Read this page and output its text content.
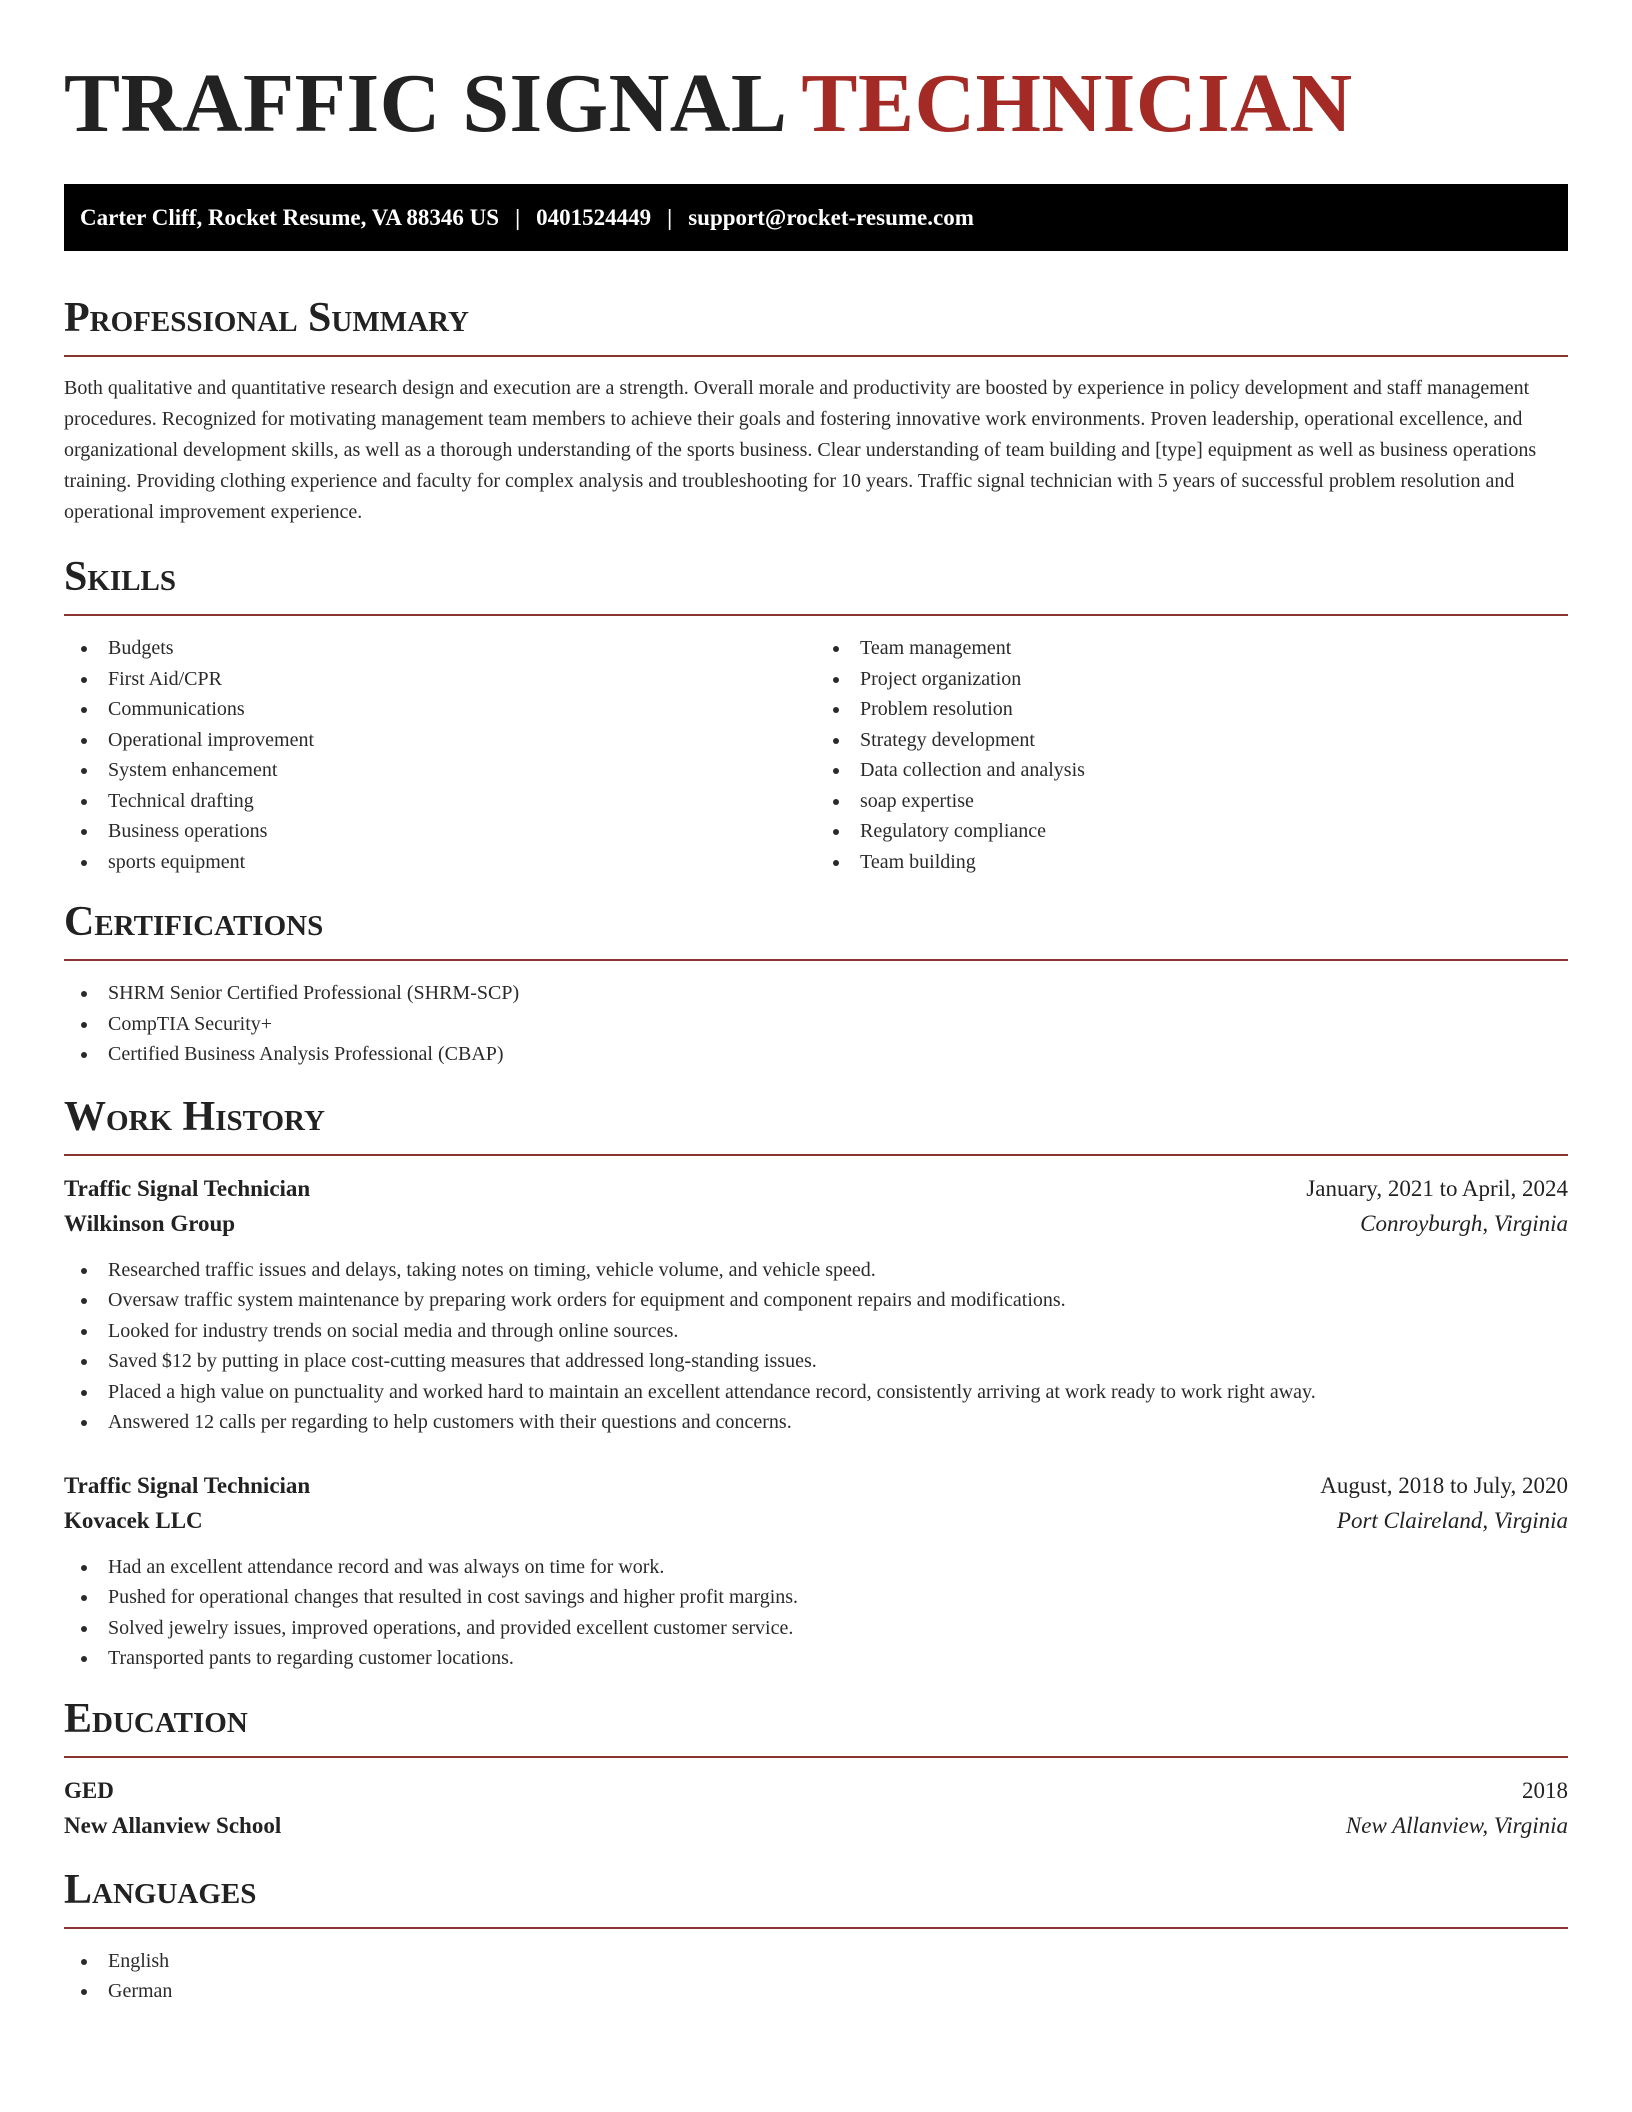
TRAFFIC SIGNAL TECHNICIAN
Carter Cliff, Rocket Resume, VA 88346 US | 0401524449 | support@rocket-resume.com
Professional Summary

Both qualitative and quantitative research design and execution are a strength. Overall morale and productivity are boosted by experience in policy development and staff management procedures. Recognized for motivating management team members to achieve their goals and fostering innovative work environments. Proven leadership, operational excellence, and organizational development skills, as well as a thorough understanding of the sports business. Clear understanding of team building and [type] equipment as well as business operations training. Providing clothing experience and faculty for complex analysis and troubleshooting for 10 years. Traffic signal technician with 5 years of successful problem resolution and operational improvement experience.

Skills
Budgets
First Aid/CPR
Communications
Operational improvement
System enhancement
Technical drafting
Business operations
sports equipment
Team management
Project organization
Problem resolution
Strategy development
Data collection and analysis
soap expertise
Regulatory compliance
Team building
Certifications
SHRM Senior Certified Professional (SHRM-SCP)
CompTIA Security+
Certified Business Analysis Professional (CBAP)
Work History
Traffic Signal Technician	January, 2021 to April, 2024
Wilkinson Group	Conroyburgh, Virginia
Researched traffic issues and delays, taking notes on timing, vehicle volume, and vehicle speed.
Oversaw traffic system maintenance by preparing work orders for equipment and component repairs and modifications.
Looked for industry trends on social media and through online sources.
Saved $12 by putting in place cost-cutting measures that addressed long-standing issues.
Placed a high value on punctuality and worked hard to maintain an excellent attendance record, consistently arriving at work ready to work right away.
Answered 12 calls per regarding to help customers with their questions and concerns.
Traffic Signal Technician	August, 2018 to July, 2020
Kovacek LLC	Port Claireland, Virginia
Had an excellent attendance record and was always on time for work.
Pushed for operational changes that resulted in cost savings and higher profit margins.
Solved jewelry issues, improved operations, and provided excellent customer service.
Transported pants to regarding customer locations.
Education
GED	2018
New Allanview School	New Allanview, Virginia
Languages
English
German
